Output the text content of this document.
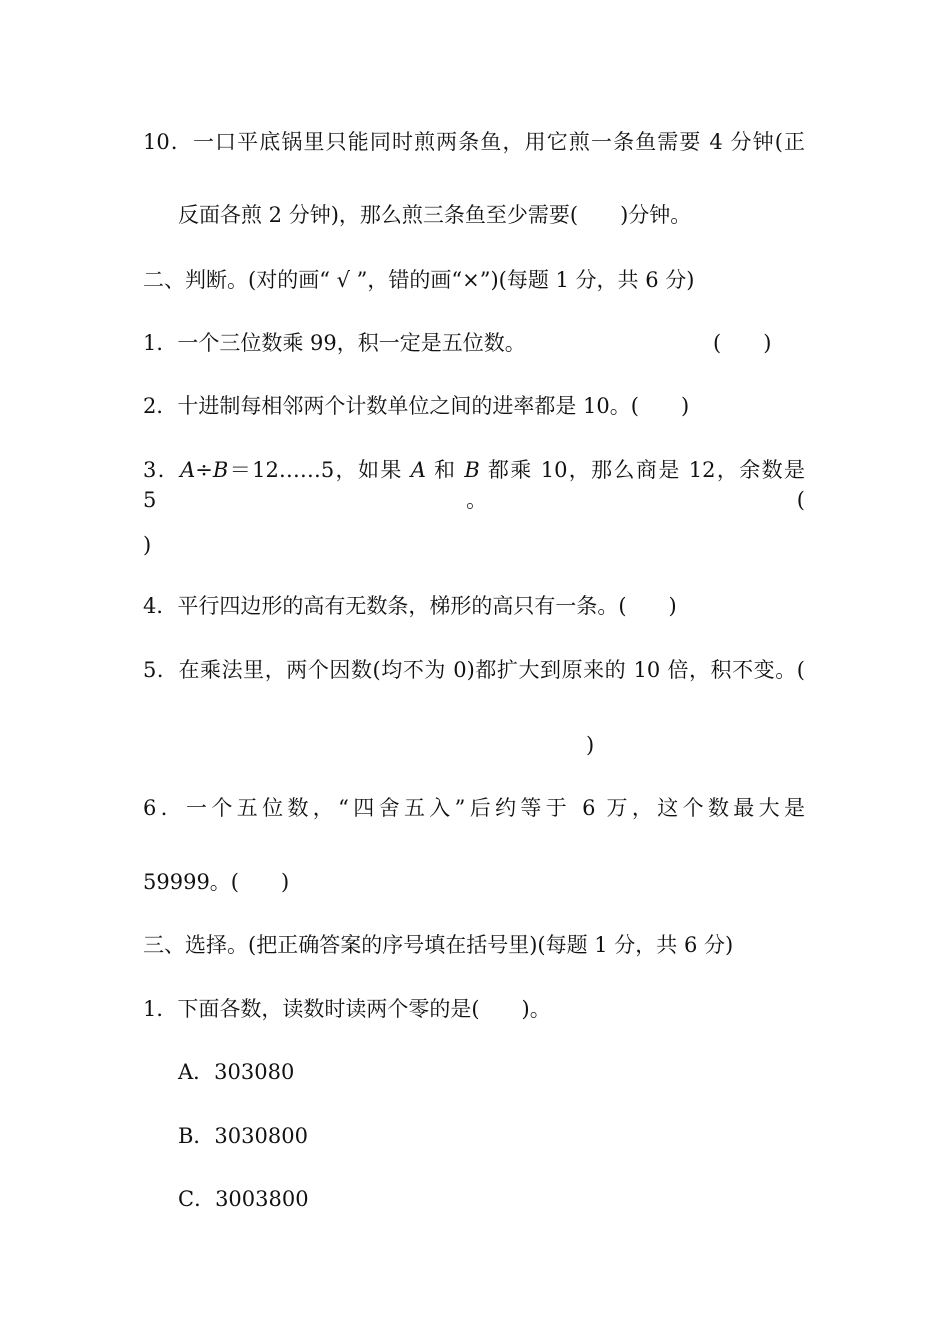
10．一口平底锅里只能同时煎两条鱼，用它煎一条鱼需要 4 分钟(正
反面各煎 2 分钟)，那么煎三条鱼至少需要(　　)分钟。
二、判断。(对的画“ √ ”，错的画“×”)(每题 1 分，共 6 分)
1．一个三位数乘 99，积一定是五位数。	(　　)
2．十进制每相邻两个计数单位之间的进率都是 10。(　　)
3．A÷B＝12……5，如果 A 和 B 都乘 10，那么商是 12，余数是 5。(
)
4．平行四边形的高有无数条，梯形的高只有一条。(　　)
5．在乘法里，两个因数(均不为 0)都扩大到原来的 10 倍，积不变。(
)
6．一个五位数，“四舍五入”后约等于 6 万，这个数最大是
59999。(　　)
三、选择。(把正确答案的序号填在括号里)(每题 1 分，共 6 分)
1．下面各数，读数时读两个零的是(　　)。
A．303080
B．3030800
C．3003800
